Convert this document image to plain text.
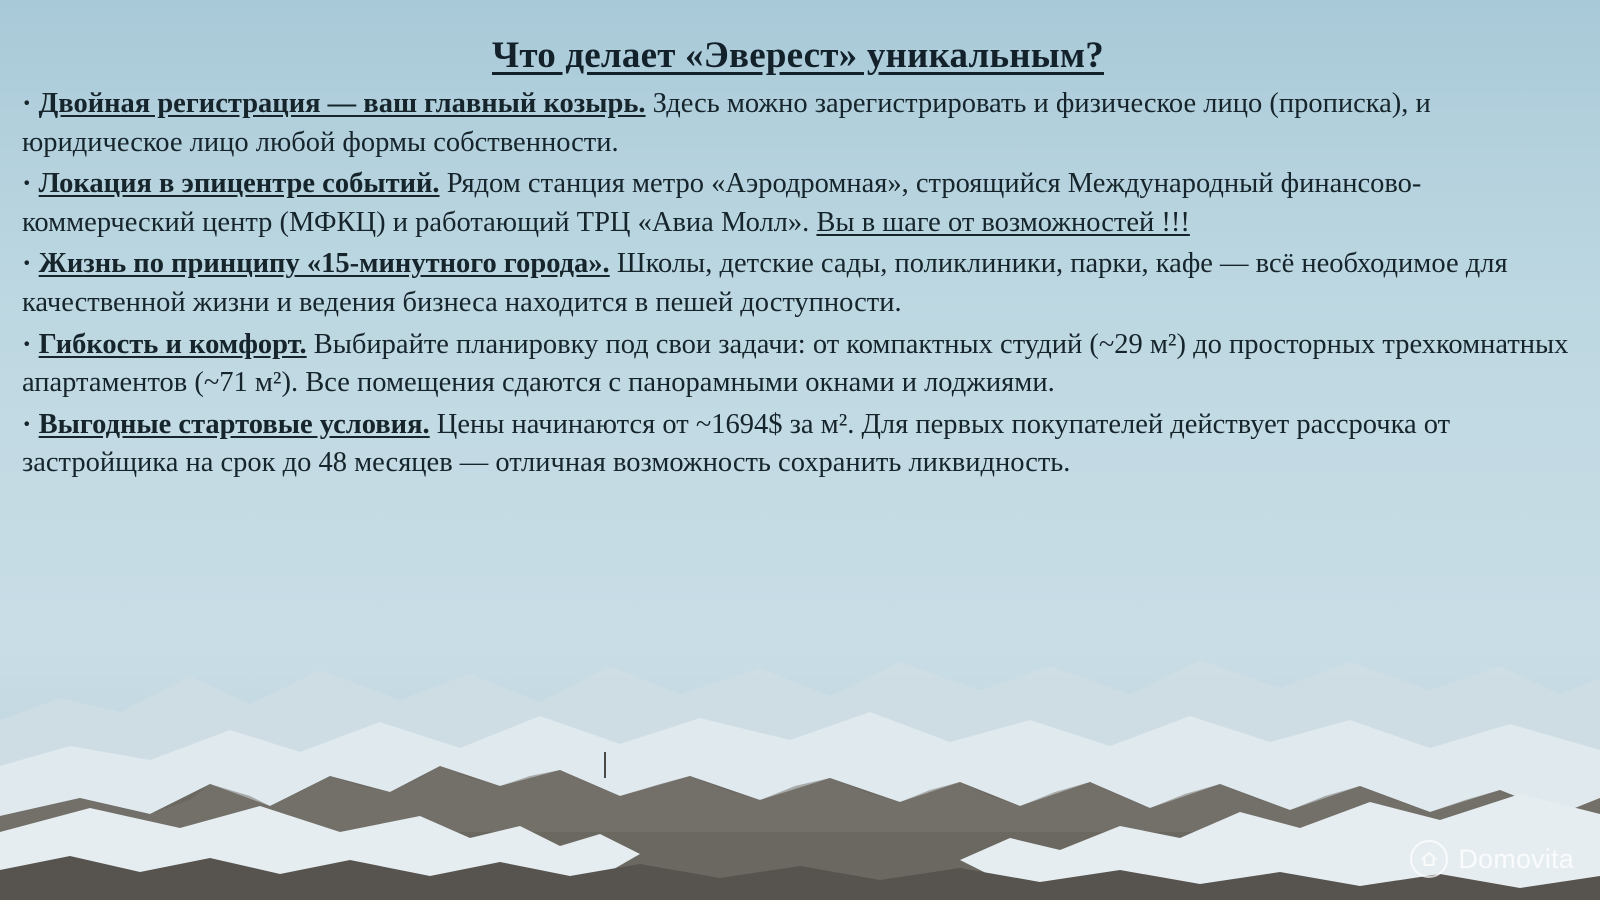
Domovita
Что делает «Эверест» уникальным?

· Двойная регистрация — ваш главный козырь. Здесь можно зарегистрировать и физическое лицо (прописка), и юридическое лицо любой формы собственности.

· Локация в эпицентре событий. Рядом станция метро «Аэродромная», строящийся Международный финансово-коммерческий центр (МФКЦ) и работающий ТРЦ «Авиа Молл». Вы в шаге от возможностей !!!

· Жизнь по принципу «15-минутного города». Школы, детские сады, поликлиники, парки, кафе — всё необходимое для качественной жизни и ведения бизнеса находится в пешей доступности.

· Гибкость и комфорт. Выбирайте планировку под свои задачи: от компактных студий (~29 м²) до просторных трехкомнатных апартаментов (~71 м²). Все помещения сдаются с панорамными окнами и лоджиями.

· Выгодные стартовые условия. Цены начинаются от ~1694$ за м². Для первых покупателей действует рассрочка от застройщика на срок до 48 месяцев — отличная возможность сохранить ликвидность.
